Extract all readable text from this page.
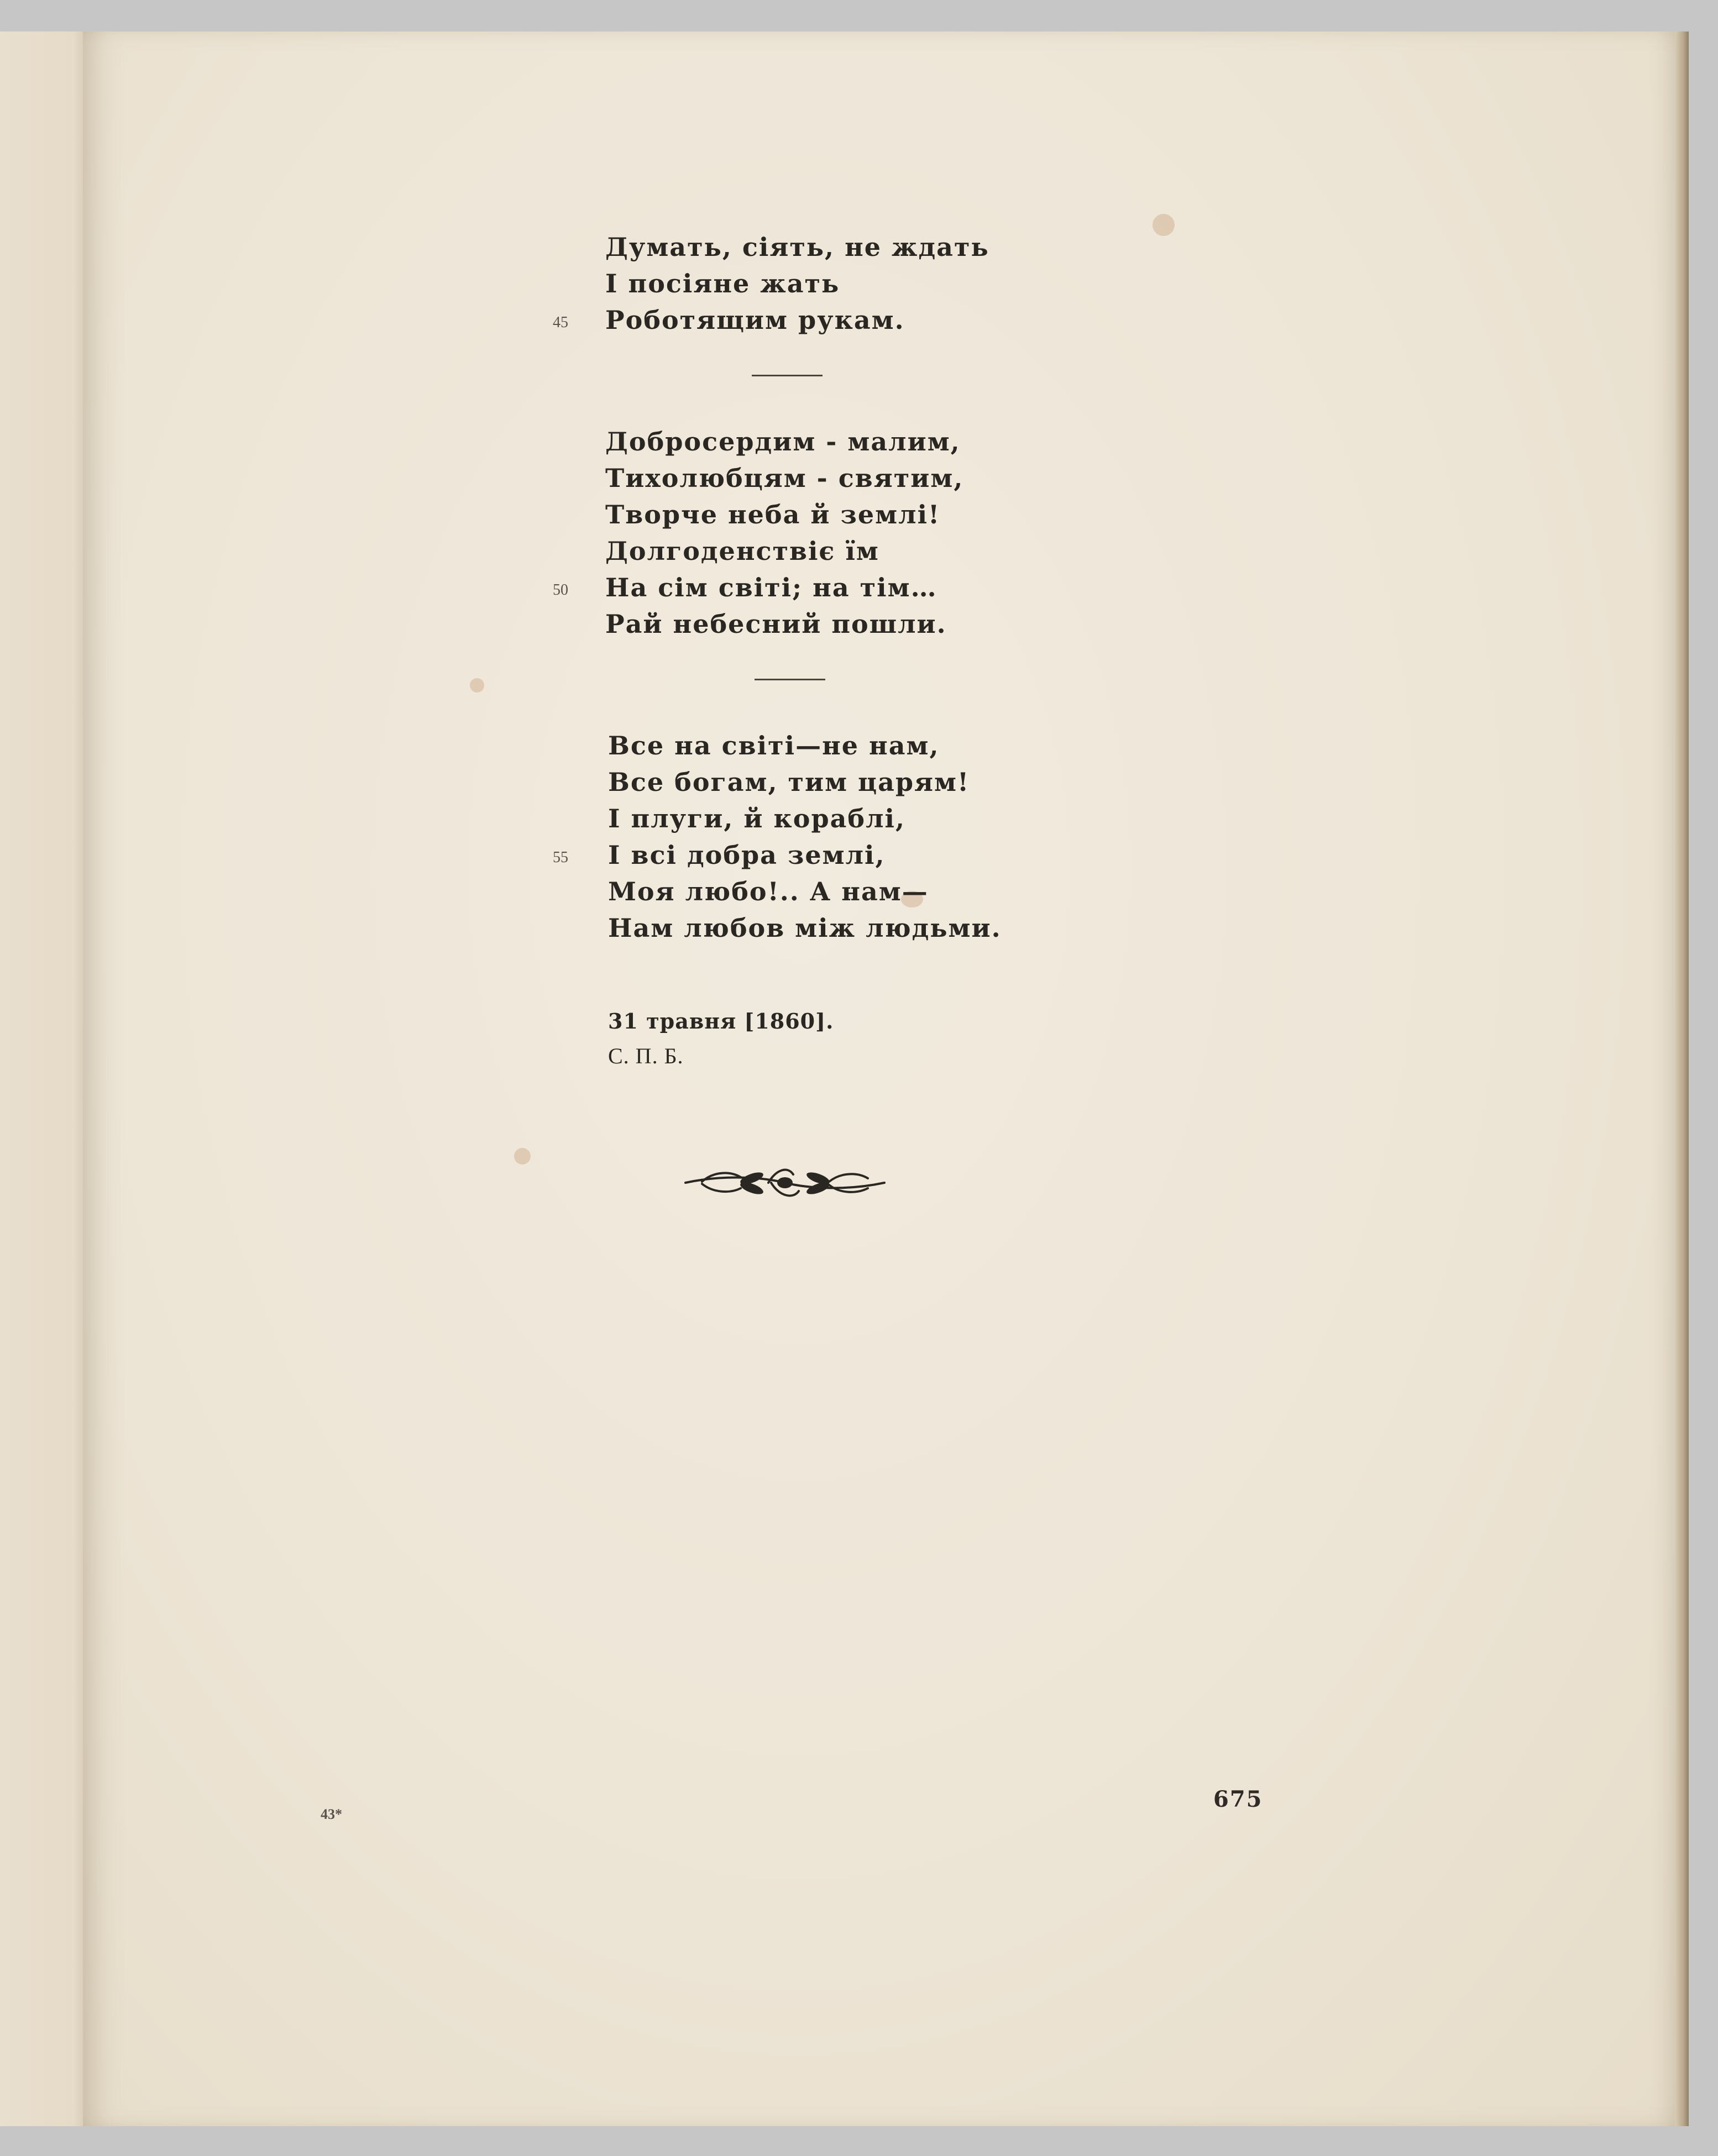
Думать, сіять, не ждать
І посіяне жать
45 Роботящим рукам.
Добросердим - малим,
Тихолюбцям - святим,
Творче неба й землі!
Долгоденствіє їм
50 На сім світі; на тім…
Рай небесний пошли.
Все на світі—не нам,
Все богам, тим царям!
І плуги, й кораблі,
55 І всі добра землі,
Моя любо!.. А нам—
Нам любов між людьми.
31 травня [1860].
С. П. Б.
43*
675
